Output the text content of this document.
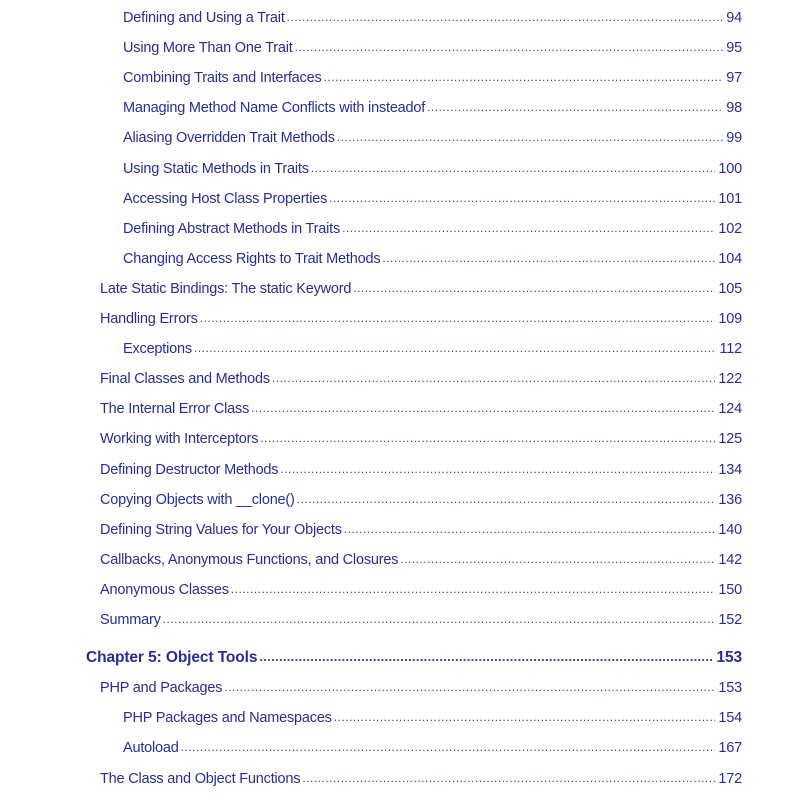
Defining and Using a Trait .....	94
Using More Than One Trait .....	95
Combining Traits and Interfaces .....	97
Managing Method Name Conflicts with insteadof .....	98
Aliasing Overridden Trait Methods .....	99
Using Static Methods in Traits .....	100
Accessing Host Class Properties .....	101
Defining Abstract Methods in Traits .....	102
Changing Access Rights to Trait Methods .....	104
Late Static Bindings: The static Keyword .....	105
Handling Errors .....	109
Exceptions .....	112
Final Classes and Methods .....	122
The Internal Error Class .....	124
Working with Interceptors .....	125
Defining Destructor Methods .....	134
Copying Objects with __clone() .....	136
Defining String Values for Your Objects .....	140
Callbacks, Anonymous Functions, and Closures .....	142
Anonymous Classes .....	150
Summary .....	152
Chapter 5: Object Tools .....	153
PHP and Packages .....	153
PHP Packages and Namespaces .....	154
Autoload .....	167
The Class and Object Functions .....	172
